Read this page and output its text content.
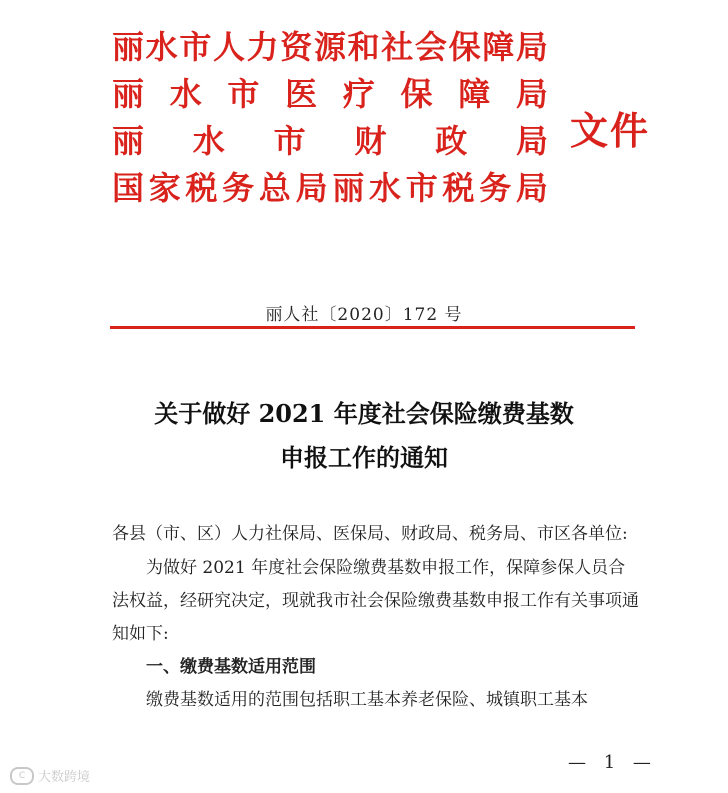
丽 水 市 人 力 资 源 和 社 会 保 障 局
丽 水 市 医 疗 保 障 局
丽 水 市 财 政 局
国 家 税 务 总 局 丽 水 市 税 务 局
文件
丽人社〔2020〕172 号
关于做好 2021 年度社会保险缴费基数
申报工作的通知
各县（市、区）人力社保局、医保局、财政局、税务局、市区各单位:

为做好 2021 年度社会保险缴费基数申报工作，保障参保人员合法权益，经研究决定，现就我市社会保险缴费基数申报工作有关事项通知如下:

一、缴费基数适用范围
缴费基数适用的范围包括职工基本养老保险、城镇职工基本
— 1 —
C 大数跨境
